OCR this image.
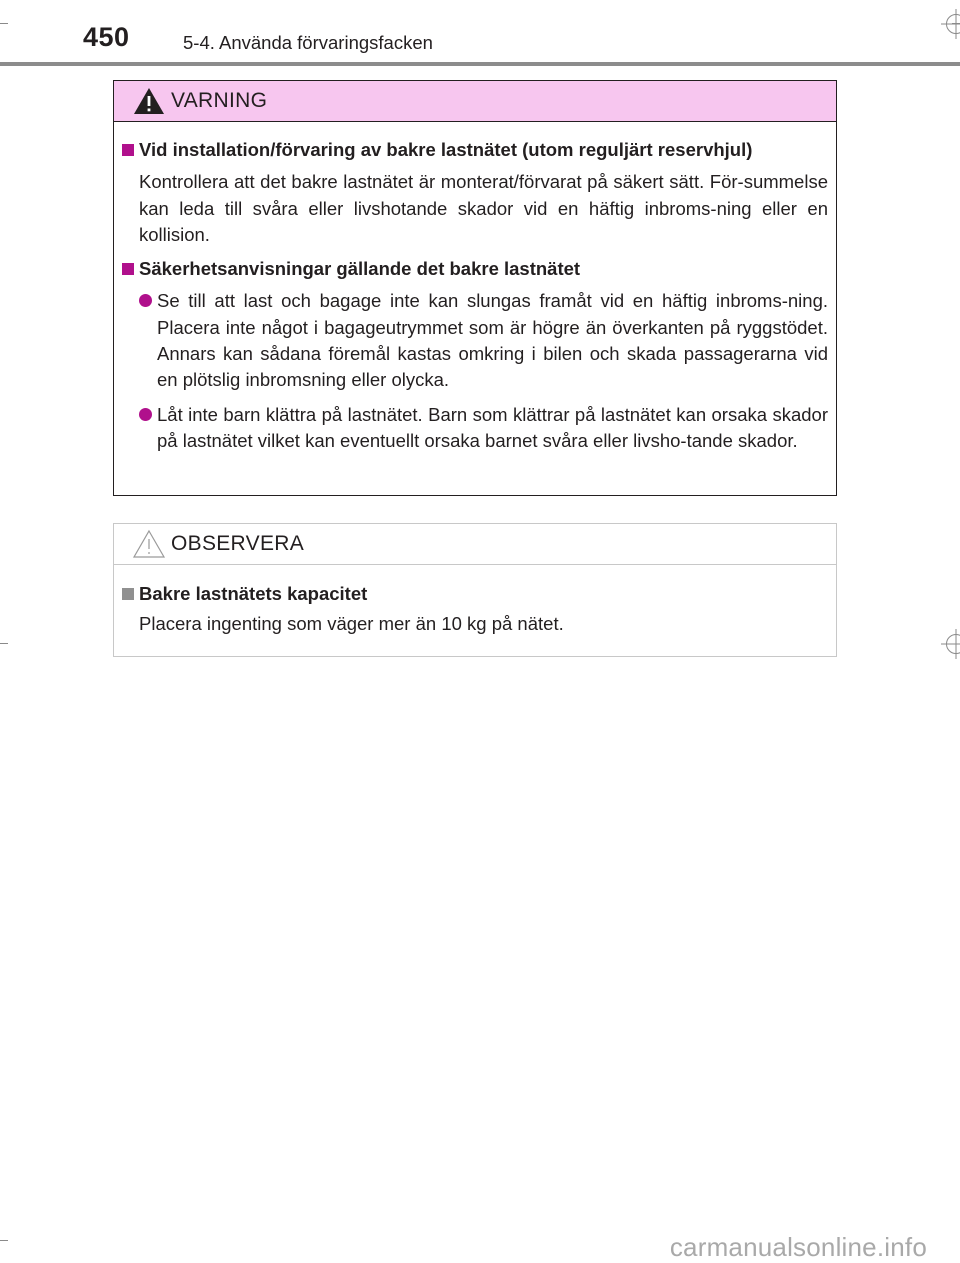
450	5-4. Använda förvaringsfacken
VARNING

Vid installation/förvaring av bakre lastnätet (utom reguljärt reservhjul)

Kontrollera att det bakre lastnätet är monterat/förvarat på säkert sätt. För-summelse kan leda till svåra eller livshotande skador vid en häftig inbroms-ning eller en kollision.

Säkerhetsanvisningar gällande det bakre lastnätet

Se till att last och bagage inte kan slungas framåt vid en häftig inbroms-ning. Placera inte något i bagageutrymmet som är högre än överkanten på ryggstödet. Annars kan sådana föremål kastas omkring i bilen och skada passagerarna vid en plötslig inbromsning eller olycka.

Låt inte barn klättra på lastnätet. Barn som klättrar på lastnätet kan orsaka skador på lastnätet vilket kan eventuellt orsaka barnet svåra eller livsho-tande skador.

OBSERVERA

Bakre lastnätets kapacitet

Placera ingenting som väger mer än 10 kg på nätet.

carmanualsonline.info
